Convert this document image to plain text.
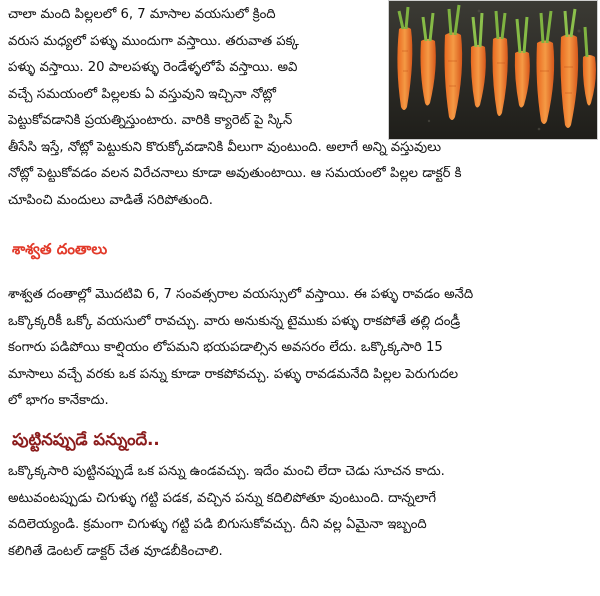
చాలా మంది పిల్లలలో 6, 7 మాసాల వయసులో క్రింది
వరుస మధ్యలో పళ్ళు ముందుగా వస్తాయి. తరువాత పక్క
పళ్ళు వస్తాయి. 20 పాలపళ్ళు రెండేళ్ళలోపే వస్తాయి. అవి
వచ్చే సమయంలో పిల్లలకు ఏ వస్తువుని ఇచ్చినా నోట్లో
పెట్టుకోవడానికి ప్రయత్నిస్తుంటారు. వారికి క్యారెట్ పై స్కిన్
తీసేసి ఇస్తే, నోట్లో పెట్టుకుని కొరుక్కోవడానికి వీలుగా వుంటుంది. అలాగే అన్ని వస్తువులు
నోట్లో పెట్టుకోవడం వలన విరేచనాలు కూడా అవుతుంటాయి. ఆ సమయంలో పిల్లల డాక్టర్ కి
చూపించి మందులు వాడితే సరిపోతుంది.
శాశ్వత దంతాలు
శాశ్వత దంతాల్లో మొదటివి 6, 7 సంవత్సరాల వయస్సులో వస్తాయి. ఈ పళ్ళు రావడం అనేది
ఒక్కొక్కరికీ ఒక్కో వయసులో రావచ్చు. వారు అనుకున్న టైముకు పళ్ళు రాకపోతే తల్లి దండ్రీ
కంగారు పడిపోయి కాల్షియం లోపమని భయపడాల్సిన అవసరం లేదు. ఒక్కొక్కసారి 15
మాసాలు వచ్చే వరకు ఒక పన్ను కూడా రాకపోవచ్చు. పళ్ళు రావడమనేది పిల్లల పెరుగుదల
లో భాగం కానేకాదు.
పుట్టినప్పుడే పన్నుందే..
ఒక్కొక్కసారి పుట్టినప్పుడే ఒక పన్ను ఉండవచ్చు. ఇదేం మంచి లేదా చెడు సూచన కాదు.
అటువంటప్పుడు చిగుళ్ళు గట్టి పడక, వచ్చిన పన్ను కదిలిపోతూ వుంటుంది. దాన్నలాగే
వదిలెయ్యండి. క్రమంగా చిగుళ్ళు గట్టి పడి బిగుసుకోవచ్చు. దీని వల్ల ఏమైనా ఇబ్బంది
కలిగితే డెంటల్ డాక్టర్ చేత వూడబీకించాలి.
